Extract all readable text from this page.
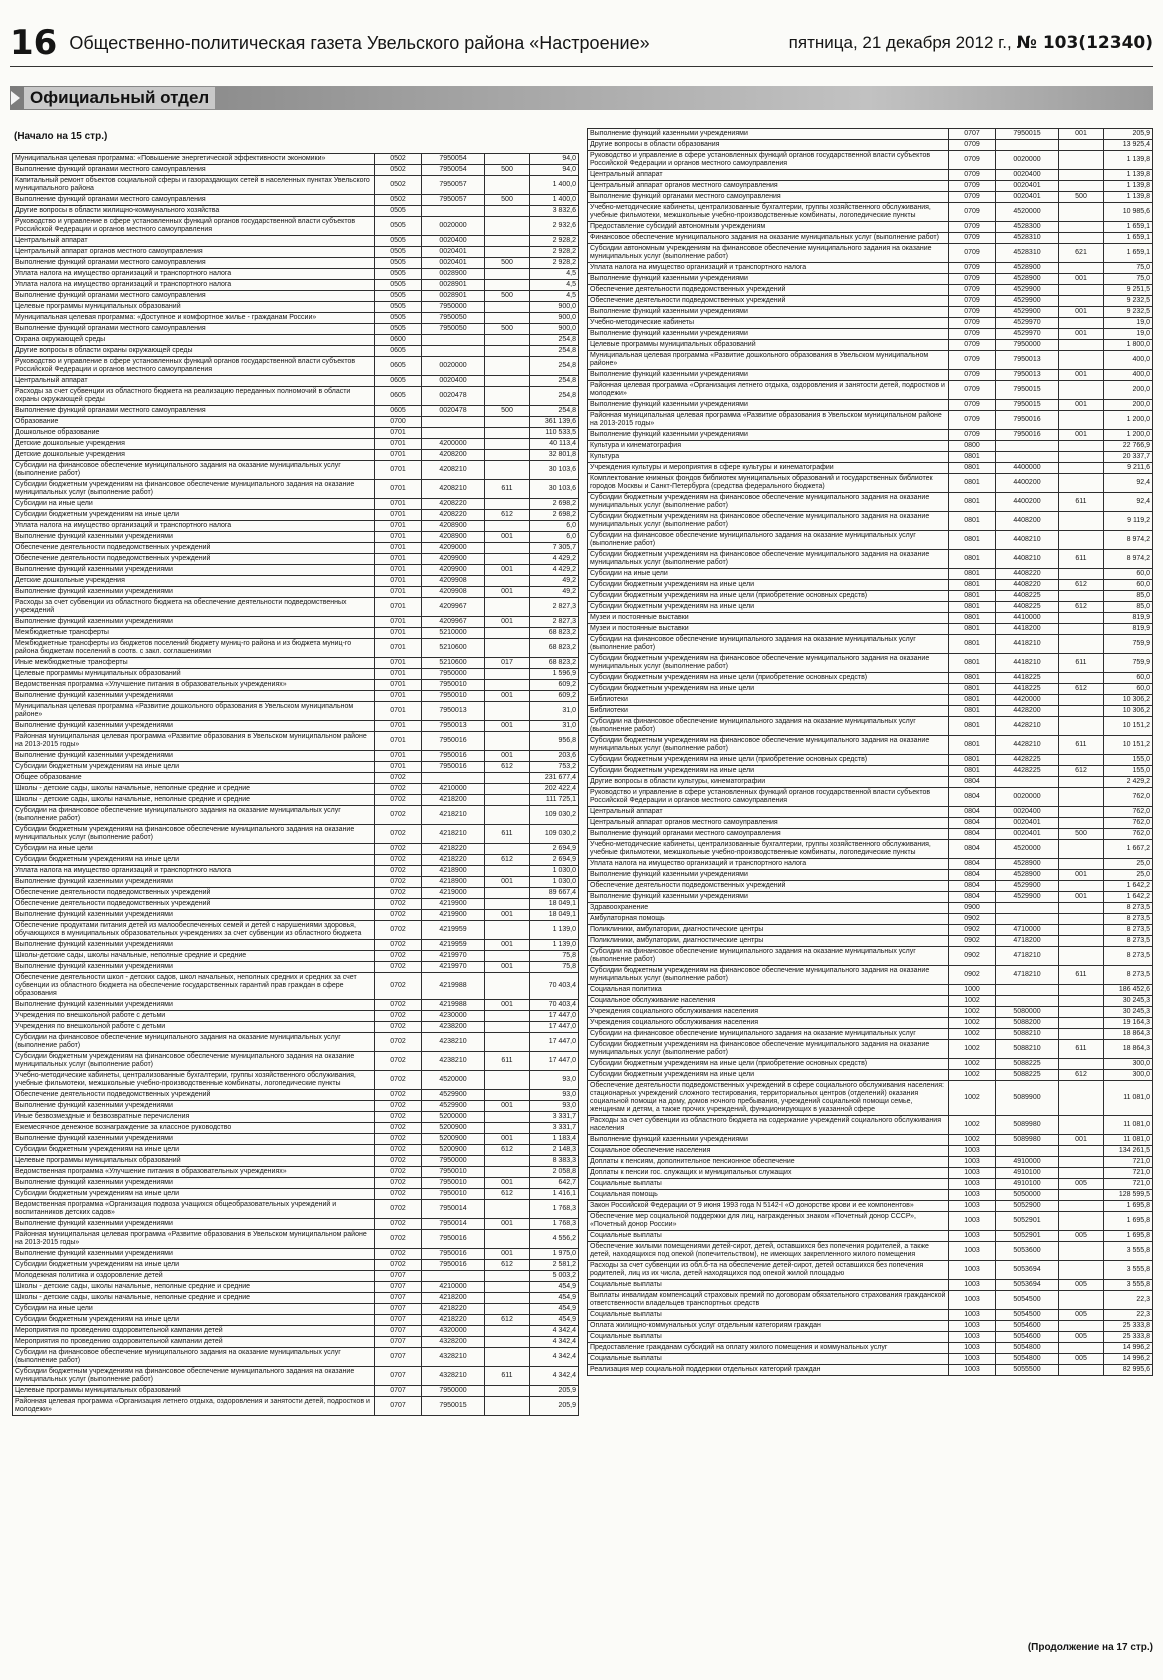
16 Общественно-политическая газета Увельского района «Настроение»	пятница, 21 декабря 2012 г., № 103(12340)
Официальный отдел
(Начало на 15 стр.)
Муниципальная целевая программа: «Повышение энергетической эффективности экономики»	0502	7950054		94,0
Выполнение функций органами местного самоуправления	0502	7950054	500	94,0
Капитальный ремонт объектов социальной сферы и газораздающих сетей в населенных пунктах Увельского муниципального района	0502	7950057		1 400,0
Выполнение функций органами местного самоуправления	0502	7950057	500	1 400,0
Другие вопросы в области жилищно-коммунального хозяйства	0505			3 832,6
Руководство и управление в сфере установленных функций органов государственной власти субъектов Российской Федерации и органов местного самоуправления	0505	0020000		2 932,6
Центральный аппарат	0505	0020400		2 928,2
Центральный аппарат органов местного самоуправления	0505	0020401		2 928,2
Выполнение функций органами местного самоуправления	0505	0020401	500	2 928,2
Уплата налога на имущество организаций и транспортного налога	0505	0028900		4,5
Уплата налога на имущество организаций и транспортного налога	0505	0028901		4,5
Выполнение функций органами местного самоуправления	0505	0028901	500	4,5
Целевые программы муниципальных образований	0505	7950000		900,0
Муниципальная целевая программа: «Доступное и комфортное жилье - гражданам России»	0505	7950050		900,0
Выполнение функций органами местного самоуправления	0505	7950050	500	900,0
Охрана окружающей среды	0600			254,8
Другие вопросы в области охраны окружающей среды	0605			254,8
Руководство и управление в сфере установленных функций органов государственной власти субъектов Российской Федерации и органов местного самоуправления	0605	0020000		254,8
Центральный аппарат	0605	0020400		254,8
Расходы за счет субвенции из областного бюджета на реализацию переданных полномочий в области охраны окружающей среды	0605	0020478		254,8
Выполнение функций органами местного самоуправления	0605	0020478	500	254,8
Образование	0700			361 139,6
Дошкольное образование	0701			110 533,5
Детские дошкольные учреждения	0701	4200000		40 113,4
Детские дошкольные учреждения	0701	4208200		32 801,8
Субсидии на финансовое обеспечение муниципального задания на оказание муниципальных услуг (выполнение работ)	0701	4208210		30 103,6
Субсидии бюджетным учреждениям на финансовое обеспечение муниципального задания на оказание муниципальных услуг (выполнение работ)	0701	4208210	611	30 103,6
Субсидии на иные цели	0701	4208220		2 698,2
Субсидии бюджетным учреждениям на иные цели	0701	4208220	612	2 698,2
Уплата налога на имущество организаций и транспортного налога	0701	4208900		6,0
Выполнение функций казенными учреждениями	0701	4208900	001	6,0
Обеспечение деятельности подведомственных учреждений	0701	4209000		7 305,7
Обеспечение деятельности подведомственных учреждений	0701	4209900		4 429,2
Выполнение функций казенными учреждениями	0701	4209900	001	4 429,2
Детские дошкольные учреждения	0701	4209908		49,2
Выполнение функций казенными учреждениями	0701	4209908	001	49,2
Расходы за счет субвенции из областного бюджета на обеспечение деятельности подведомственных учреждений	0701	4209967		2 827,3
Выполнение функций казенными учреждениями	0701	4209967	001	2 827,3
Межбюджетные трансферты	0701	5210000		68 823,2
Межбюджетные трансферты из бюджетов поселений бюджету муниц-го района и из бюджета муниц-го района бюджетам поселений в соотв. с закл. соглашениями	0701	5210600		68 823,2
Иные межбюджетные трансферты	0701	5210600	017	68 823,2
Целевые программы муниципальных образований	0701	7950000		1 596,9
Ведомственная программа «Улучшение питания в образовательных учреждениях»	0701	7950010		609,2
Выполнение функций казенными учреждениями	0701	7950010	001	609,2
Муниципальная целевая программа «Развитие дошкольного образования в Увельском муниципальном районе»	0701	7950013		31,0
Выполнение функций казенными учреждениями	0701	7950013	001	31,0
Районная муниципальная целевая программа «Развитие образования в Увельском муниципальном районе на 2013-2015 годы»	0701	7950016		956,8
Выполнение функций казенными учреждениями	0701	7950016	001	203,6
Субсидии бюджетным учреждениям на иные цели	0701	7950016	612	753,2
Общее образование	0702			231 677,4
Школы - детские сады, школы начальные, неполные средние и средние	0702	4210000		202 422,4
Школы - детские сады, школы начальные, неполные средние и средние	0702	4218200		111 725,1
Субсидии на финансовое обеспечение муниципального задания на оказание муниципальных услуг (выполнение работ)	0702	4218210		109 030,2
Субсидии бюджетным учреждениям на финансовое обеспечение муниципального задания на оказание муниципальных услуг (выполнение работ)	0702	4218210	611	109 030,2
Субсидии на иные цели	0702	4218220		2 694,9
Субсидии бюджетным учреждениям на иные цели	0702	4218220	612	2 694,9
Уплата налога на имущество организаций и транспортного налога	0702	4218900		1 030,0
Выполнение функций казенными учреждениями	0702	4218900	001	1 030,0
Обеспечение деятельности подведомственных учреждений	0702	4219000		89 667,4
Обеспечение деятельности подведомственных учреждений	0702	4219900		18 049,1
Выполнение функций казенными учреждениями	0702	4219900	001	18 049,1
Обеспечение продуктами питания детей из малообеспеченных семей и детей с нарушениями здоровья, обучающихся в муниципальных образовательных учреждениях за счет субвенции из областного бюджета	0702	4219959		1 139,0
Выполнение функций казенными учреждениями	0702	4219959	001	1 139,0
Школы-детские сады, школы начальные, неполные средние и средние	0702	4219970		75,8
Выполнение функций казенными учреждениями	0702	4219970	001	75,8
Обеспечение деятельности школ - детских садов, школ начальных, неполных средних и средних за счет субвенции из областного бюджета на обеспечение государственных гарантий прав граждан в сфере образования	0702	4219988		70 403,4
Выполнение функций казенными учреждениями	0702	4219988	001	70 403,4
Учреждения по внешкольной работе с детьми	0702	4230000		17 447,0
Учреждения по внешкольной работе с детьми	0702	4238200		17 447,0
Субсидии на финансовое обеспечение муниципального задания на оказание муниципальных услуг (выполнение работ)	0702	4238210		17 447,0
Субсидии бюджетным учреждениям на финансовое обеспечение муниципального задания на оказание муниципальных услуг (выполнение работ)	0702	4238210	611	17 447,0
Учебно-методические кабинеты, централизованные бухгалтерии, группы хозяйственного обслуживания, учебные фильмотеки, межшкольные учебно-производственные комбинаты, логопедические пункты	0702	4520000		93,0
Обеспечение деятельности подведомственных учреждений	0702	4529900		93,0
Выполнение функций казенными учреждениями	0702	4529900	001	93,0
Иные безвозмездные и безвозвратные перечисления	0702	5200000		3 331,7
Ежемесячное денежное вознаграждение за классное руководство	0702	5200900		3 331,7
Выполнение функций казенными учреждениями	0702	5200900	001	1 183,4
Субсидии бюджетным учреждениям на иные цели	0702	5200900	612	2 148,3
Целевые программы муниципальных образований	0702	7950000		8 383,3
Ведомственная программа «Улучшение питания в образовательных учреждениях»	0702	7950010		2 058,8
Выполнение функций казенными учреждениями	0702	7950010	001	642,7
Субсидии бюджетным учреждениям на иные цели	0702	7950010	612	1 416,1
Ведомственная программа «Организация подвоза учащихся общеобразовательных учреждений и воспитанников детских садов»	0702	7950014		1 768,3
Выполнение функций казенными учреждениями	0702	7950014	001	1 768,3
Районная муниципальная целевая программа «Развитие образования в Увельском муниципальном районе на 2013-2015 годы»	0702	7950016		4 556,2
Выполнение функций казенными учреждениями	0702	7950016	001	1 975,0
Субсидии бюджетным учреждениям на иные цели	0702	7950016	612	2 581,2
Молодежная политика и оздоровление детей	0707			5 003,2
Школы - детские сады, школы начальные, неполные средние и средние	0707	4210000		454,9
Школы - детские сады, школы начальные, неполные средние и средние	0707	4218200		454,9
Субсидии на иные цели	0707	4218220		454,9
Субсидии бюджетным учреждениям на иные цели	0707	4218220	612	454,9
Мероприятия по проведению оздоровительной кампании детей	0707	4320000		4 342,4
Мероприятия по проведению оздоровительной кампании детей	0707	4328200		4 342,4
Субсидии на финансовое обеспечение муниципального задания на оказание муниципальных услуг (выполнение работ)	0707	4328210		4 342,4
Субсидии бюджетным учреждениям на финансовое обеспечение муниципального задания на оказание муниципальных услуг (выполнение работ)	0707	4328210	611	4 342,4
Целевые программы муниципальных образований	0707	7950000		205,9
Районная целевая программа «Организация летнего отдыха, оздоровления и занятости детей, подростков и молодежи»	0707	7950015		205,9
Выполнение функций казенными учреждениями	0707	7950015	001	205,9
Другие вопросы в области образования	0709			13 925,4
Руководство и управление в сфере установленных функций органов государственной власти субъектов Российской Федерации и органов местного самоуправления	0709	0020000		1 139,8
Центральный аппарат	0709	0020400		1 139,8
Центральный аппарат органов местного самоуправления	0709	0020401		1 139,8
Выполнение функций органами местного самоуправления	0709	0020401	500	1 139,8
Учебно-методические кабинеты, централизованные бухгалтерии, группы хозяйственного обслуживания, учебные фильмотеки, межшкольные учебно-производственные комбинаты, логопедические пункты	0709	4520000		10 985,6
Предоставление субсидий автономным учреждениям	0709	4528300		1 659,1
Финансовое обеспечение муниципального задания на оказание муниципальных услуг (выполнение работ)	0709	4528310		1 659,1
Субсидии автономным учреждениям на финансовое обеспечение муниципального задания на оказание муниципальных услуг (выполнение работ)	0709	4528310	621	1 659,1
Уплата налога на имущество организаций и транспортного налога	0709	4528900		75,0
Выполнение функций казенными учреждениями	0709	4528900	001	75,0
Обеспечение деятельности подведомственных учреждений	0709	4529900		9 251,5
Обеспечение деятельности подведомственных учреждений	0709	4529900		9 232,5
Выполнение функций казенными учреждениями	0709	4529900	001	9 232,5
Учебно-методические кабинеты	0709	4529970		19,0
Выполнение функций казенными учреждениями	0709	4529970	001	19,0
Целевые программы муниципальных образований	0709	7950000		1 800,0
Муниципальная целевая программа «Развитие дошкольного образования в Увельском муниципальном районе»	0709	7950013		400,0
Выполнение функций казенными учреждениями	0709	7950013	001	400,0
Районная целевая программа «Организация летнего отдыха, оздоровления и занятости детей, подростков и молодежи»	0709	7950015		200,0
Выполнение функций казенными учреждениями	0709	7950015	001	200,0
Районная муниципальная целевая программа «Развитие образования в Увельском муниципальном районе на 2013-2015 годы»	0709	7950016		1 200,0
Выполнение функций казенными учреждениями	0709	7950016	001	1 200,0
Культура и кинематография	0800			22 766,9
Культура	0801			20 337,7
Учреждения культуры и мероприятия в сфере культуры и кинематографии	0801	4400000		9 211,6
Комплектование книжных фондов библиотек муниципальных образований и государственных библиотек городов Москвы и Санкт-Петербурга (средства федерального бюджета)	0801	4400200		92,4
Субсидии бюджетным учреждениям на финансовое обеспечение муниципального задания на оказание муниципальных услуг (выполнение работ)	0801	4400200	611	92,4
Субсидии бюджетным учреждениям на финансовое обеспечение муниципального задания на оказание муниципальных услуг (выполнение работ)	0801	4408200		9 119,2
Субсидии на финансовое обеспечение муниципального задания на оказание муниципальных услуг (выполнение работ)	0801	4408210		8 974,2
Субсидии бюджетным учреждениям на финансовое обеспечение муниципального задания на оказание муниципальных услуг (выполнение работ)	0801	4408210	611	8 974,2
Субсидии на иные цели	0801	4408220		60,0
Субсидии бюджетным учреждениям на иные цели	0801	4408220	612	60,0
Субсидии бюджетным учреждениям на иные цели (приобретение основных средств)	0801	4408225		85,0
Субсидии бюджетным учреждениям на иные цели	0801	4408225	612	85,0
Музеи и постоянные выставки	0801	4410000		819,9
Музеи и постоянные выставки	0801	4418200		819,9
Субсидии на финансовое обеспечение муниципального задания на оказание муниципальных услуг (выполнение работ)	0801	4418210		759,9
Субсидии бюджетным учреждениям на финансовое обеспечение муниципального задания на оказание муниципальных услуг (выполнение работ)	0801	4418210	611	759,9
Субсидии бюджетным учреждениям на иные цели (приобретение основных средств)	0801	4418225		60,0
Субсидии бюджетным учреждениям на иные цели	0801	4418225	612	60,0
Библиотеки	0801	4420000		10 306,2
Библиотеки	0801	4428200		10 306,2
Субсидии на финансовое обеспечение муниципального задания на оказание муниципальных услуг (выполнение работ)	0801	4428210		10 151,2
Субсидии бюджетным учреждениям на финансовое обеспечение муниципального задания на оказание муниципальных услуг (выполнение работ)	0801	4428210	611	10 151,2
Субсидии бюджетным учреждениям на иные цели (приобретение основных средств)	0801	4428225		155,0
Субсидии бюджетным учреждениям на иные цели	0801	4428225	612	155,0
Другие вопросы в области культуры, кинематографии	0804			2 429,2
Руководство и управление в сфере установленных функций органов государственной власти субъектов Российской Федерации и органов местного самоуправления	0804	0020000		762,0
Центральный аппарат	0804	0020400		762,0
Центральный аппарат органов местного самоуправления	0804	0020401		762,0
Выполнение функций органами местного самоуправления	0804	0020401	500	762,0
Учебно-методические кабинеты, централизованные бухгалтерии, группы хозяйственного обслуживания, учебные фильмотеки, межшкольные учебно-производственные комбинаты, логопедические пункты	0804	4520000		1 667,2
Уплата налога на имущество организаций и транспортного налога	0804	4528900		25,0
Выполнение функций казенными учреждениями	0804	4528900	001	25,0
Обеспечение деятельности подведомственных учреждений	0804	4529900		1 642,2
Выполнение функций казенными учреждениями	0804	4529900	001	1 642,2
Здравоохранение	0900			8 273,5
Амбулаторная помощь	0902			8 273,5
Поликлиники, амбулатории, диагностические центры	0902	4710000		8 273,5
Поликлиники, амбулатории, диагностические центры	0902	4718200		8 273,5
Субсидии на финансовое обеспечение муниципального задания на оказание муниципальных услуг (выполнение работ)	0902	4718210		8 273,5
Субсидии бюджетным учреждениям на финансовое обеспечение муниципального задания на оказание муниципальных услуг (выполнение работ)	0902	4718210	611	8 273,5
Социальная политика	1000			186 452,6
Социальное обслуживание населения	1002			30 245,3
Учреждения социального обслуживания населения	1002	5080000		30 245,3
Учреждения социального обслуживания населения	1002	5088200		19 164,3
Субсидии на финансовое обеспечение муниципального задания на оказание муниципальных услуг	1002	5088210		18 864,3
Субсидии бюджетным учреждениям на финансовое обеспечение муниципального задания на оказание муниципальных услуг (выполнение работ)	1002	5088210	611	18 864,3
Субсидии бюджетным учреждениям на иные цели (приобретение основных средств)	1002	5088225		300,0
Субсидии бюджетным учреждениям на иные цели	1002	5088225	612	300,0
Обеспечение деятельности подведомственных учреждений в сфере социального обслуживания населения: стационарных учреждений сложного тестирования, территориальных центров (отделений) оказания социальной помощи на дому, домов ночного пребывания, учреждений социальной помощи семье, женщинам и детям, а также прочих учреждений, функционирующих в указанной сфере	1002	5089900		11 081,0
Расходы за счет субвенции из областного бюджета на содержание учреждений социального обслуживания населения	1002	5089980		11 081,0
Выполнение функций казенными учреждениями	1002	5089980	001	11 081,0
Социальное обеспечение населения	1003			134 261,5
Доплаты к пенсиям, дополнительное пенсионное обеспечение	1003	4910000		721,0
Доплаты к пенсии гос. служащих и муниципальных служащих	1003	4910100		721,0
Социальные выплаты	1003	4910100	005	721,0
Социальная помощь	1003	5050000		128 599,5
Закон Российской Федерации от 9 июня 1993 года N 5142-I «О донорстве крови и ее компонентов»	1003	5052900		1 695,8
Обеспечение мер социальной поддержки для лиц, награжденных знаком «Почетный донор СССР», «Почетный донор России»	1003	5052901		1 695,8
Социальные выплаты	1003	5052901	005	1 695,8
Обеспечение жилыми помещениями детей-сирот, детей, оставшихся без попечения родителей, а также детей, находящихся под опекой (попечительством), не имеющих закрепленного жилого помещения	1003	5053600		3 555,8
Расходы за счет субвенции из обл.б-та на обеспечение детей-сирот, детей оставшихся без попечения родителей, лиц из их числа, детей находящихся под опекой жилой площадью	1003	5053694		3 555,8
Социальные выплаты	1003	5053694	005	3 555,8
Выплаты инвалидам компенсаций страховых премий по договорам обязательного страхования гражданской ответственности владельцев транспортных средств	1003	5054500		22,3
Социальные выплаты	1003	5054500	005	22,3
Оплата жилищно-коммунальных услуг отдельным категориям граждан	1003	5054600		25 333,8
Социальные выплаты	1003	5054600	005	25 333,8
Предоставление гражданам субсидий на оплату жилого помещения и коммунальных услуг	1003	5054800		14 996,2
Социальные выплаты	1003	5054800	005	14 996,2
Реализация мер социальной поддержки отдельных категорий граждан	1003	5055500		82 995,6
(Продолжение на 17 стр.)
